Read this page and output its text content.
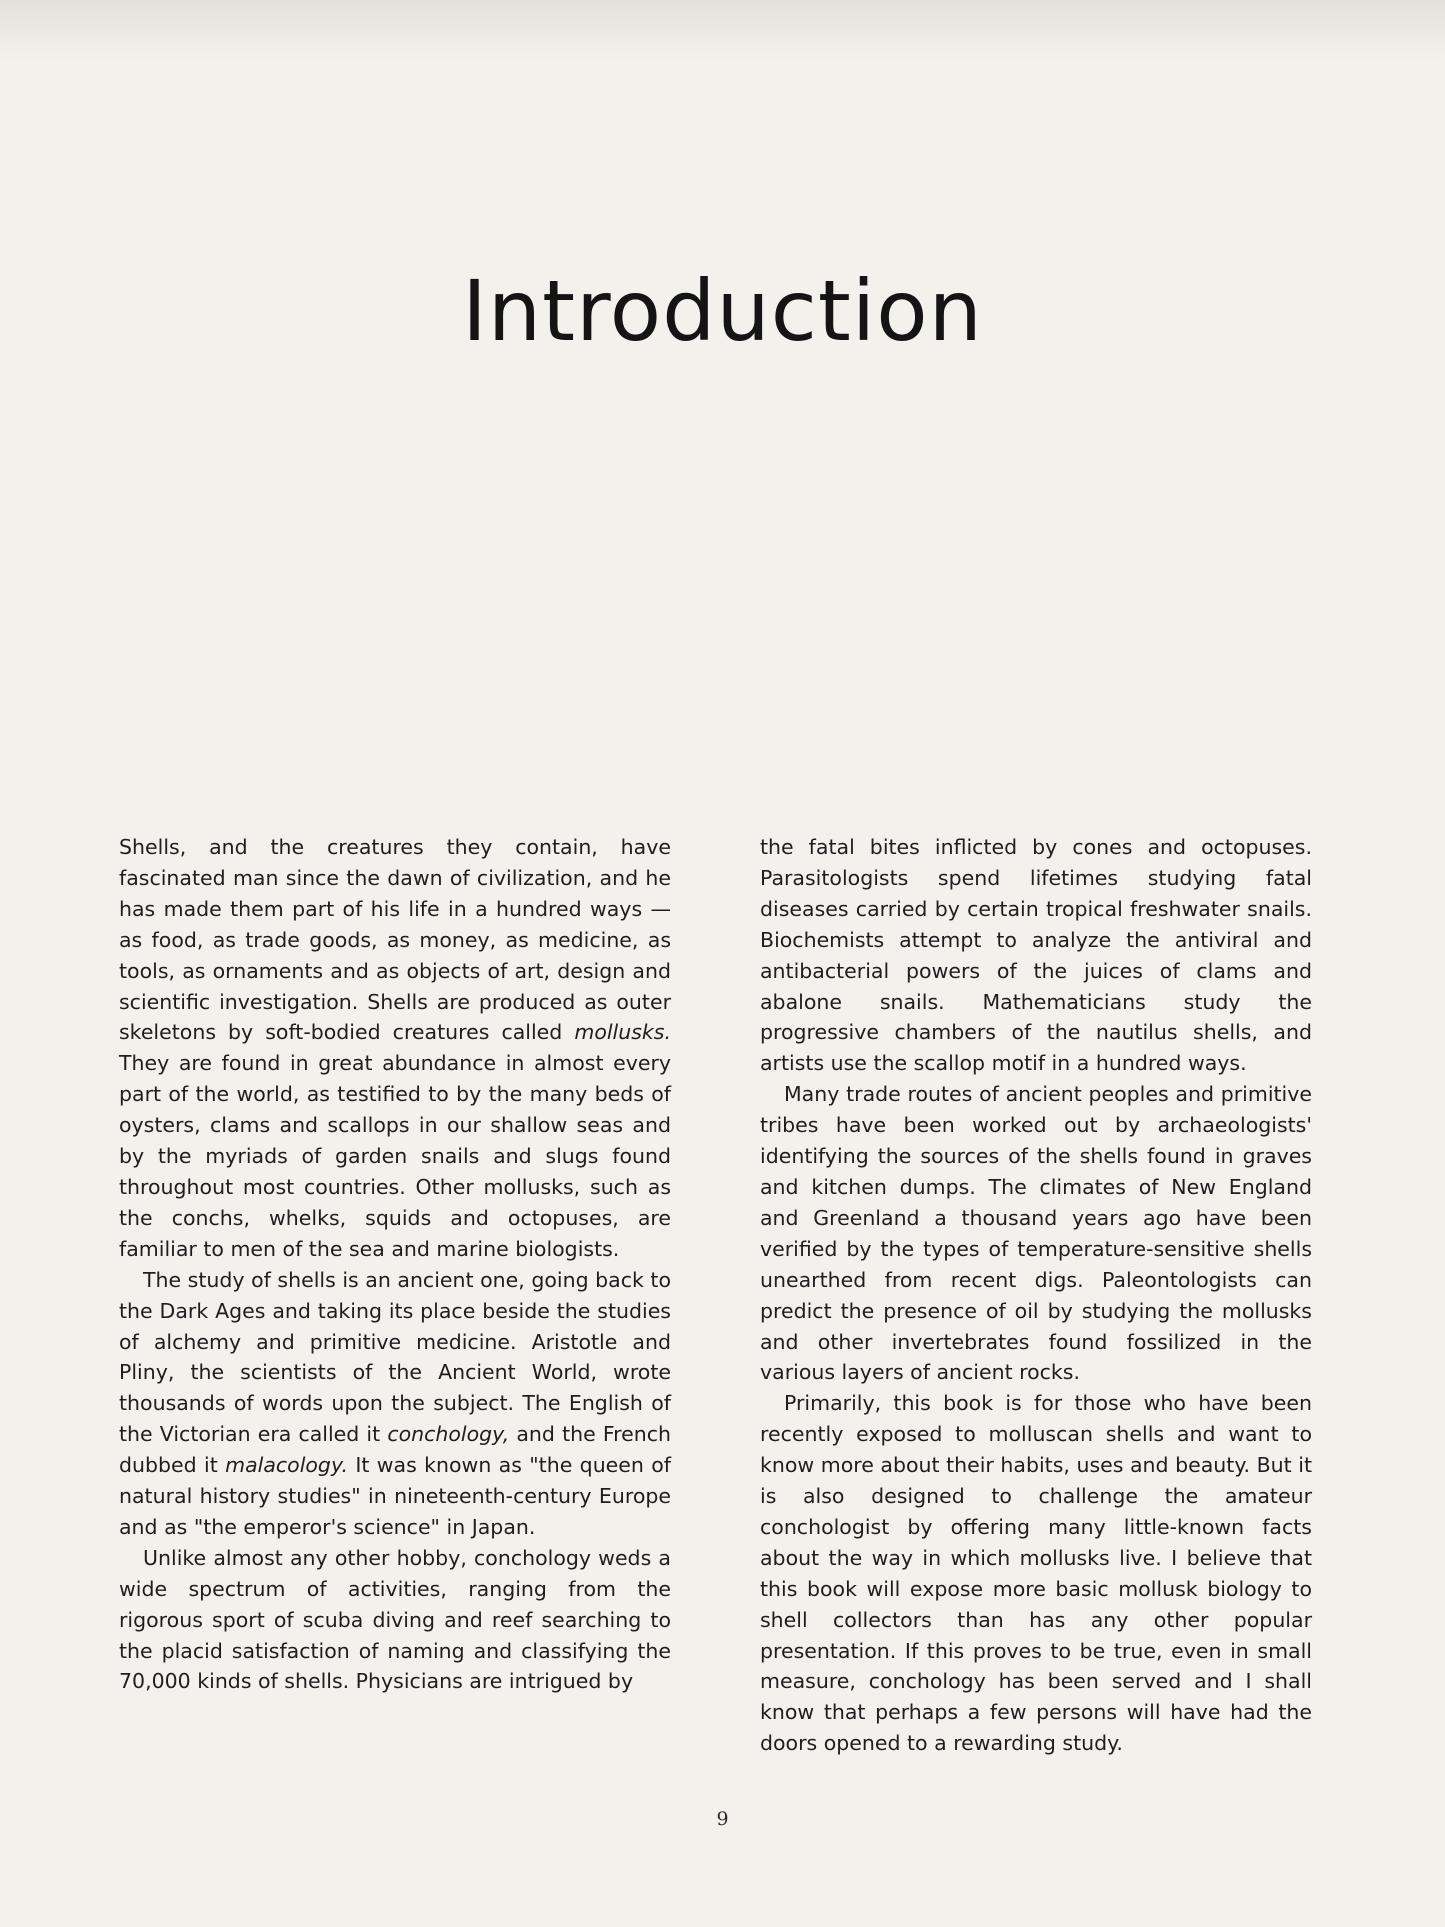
Introduction

Shells, and the creatures they contain, have fascinated man since the dawn of civilization, and he has made them part of his life in a hundred ways —as food, as trade goods, as money, as medicine, as tools, as ornaments and as objects of art, design and scientific investigation. Shells are produced as outer skeletons by soft-bodied creatures called mollusks. They are found in great abundance in almost every part of the world, as testified to by the many beds of oysters, clams and scallops in our shallow seas and by the myriads of garden snails and slugs found throughout most countries. Other mollusks, such as the conchs, whelks, squids and octopuses, are familiar to men of the sea and marine biologists.

The study of shells is an ancient one, going back to the Dark Ages and taking its place beside the studies of alchemy and primitive medicine. Aristotle and Pliny, the scientists of the Ancient World, wrote thousands of words upon the subject. The English of the Victorian era called it conchology, and the French dubbed it malacology. It was known as "the queen of natural history studies" in nineteenth-century Europe and as "the emperor's science" in Japan.

Unlike almost any other hobby, conchology weds a wide spectrum of activities, ranging from the rigorous sport of scuba diving and reef searching to the placid satisfaction of naming and classifying the 70,000 kinds of shells. Physicians are intrigued by

the fatal bites inflicted by cones and octopuses. Parasitologists spend lifetimes studying fatal diseases carried by certain tropical freshwater snails. Biochemists attempt to analyze the antiviral and antibacterial powers of the juices of clams and abalone snails. Mathematicians study the progressive chambers of the nautilus shells, and artists use the scallop motif in a hundred ways.

Many trade routes of ancient peoples and primitive tribes have been worked out by archaeologists' identifying the sources of the shells found in graves and kitchen dumps. The climates of New England and Greenland a thousand years ago have been verified by the types of temperature-sensitive shells unearthed from recent digs. Paleontologists can predict the presence of oil by studying the mollusks and other invertebrates found fossilized in the various layers of ancient rocks.

Primarily, this book is for those who have been recently exposed to molluscan shells and want to know more about their habits, uses and beauty. But it is also designed to challenge the amateur conchologist by offering many little-known facts about the way in which mollusks live. I believe that this book will expose more basic mollusk biology to shell collectors than has any other popular presentation. If this proves to be true, even in small measure, conchology has been served and I shall know that perhaps a few persons will have had the doors opened to a rewarding study.

9
